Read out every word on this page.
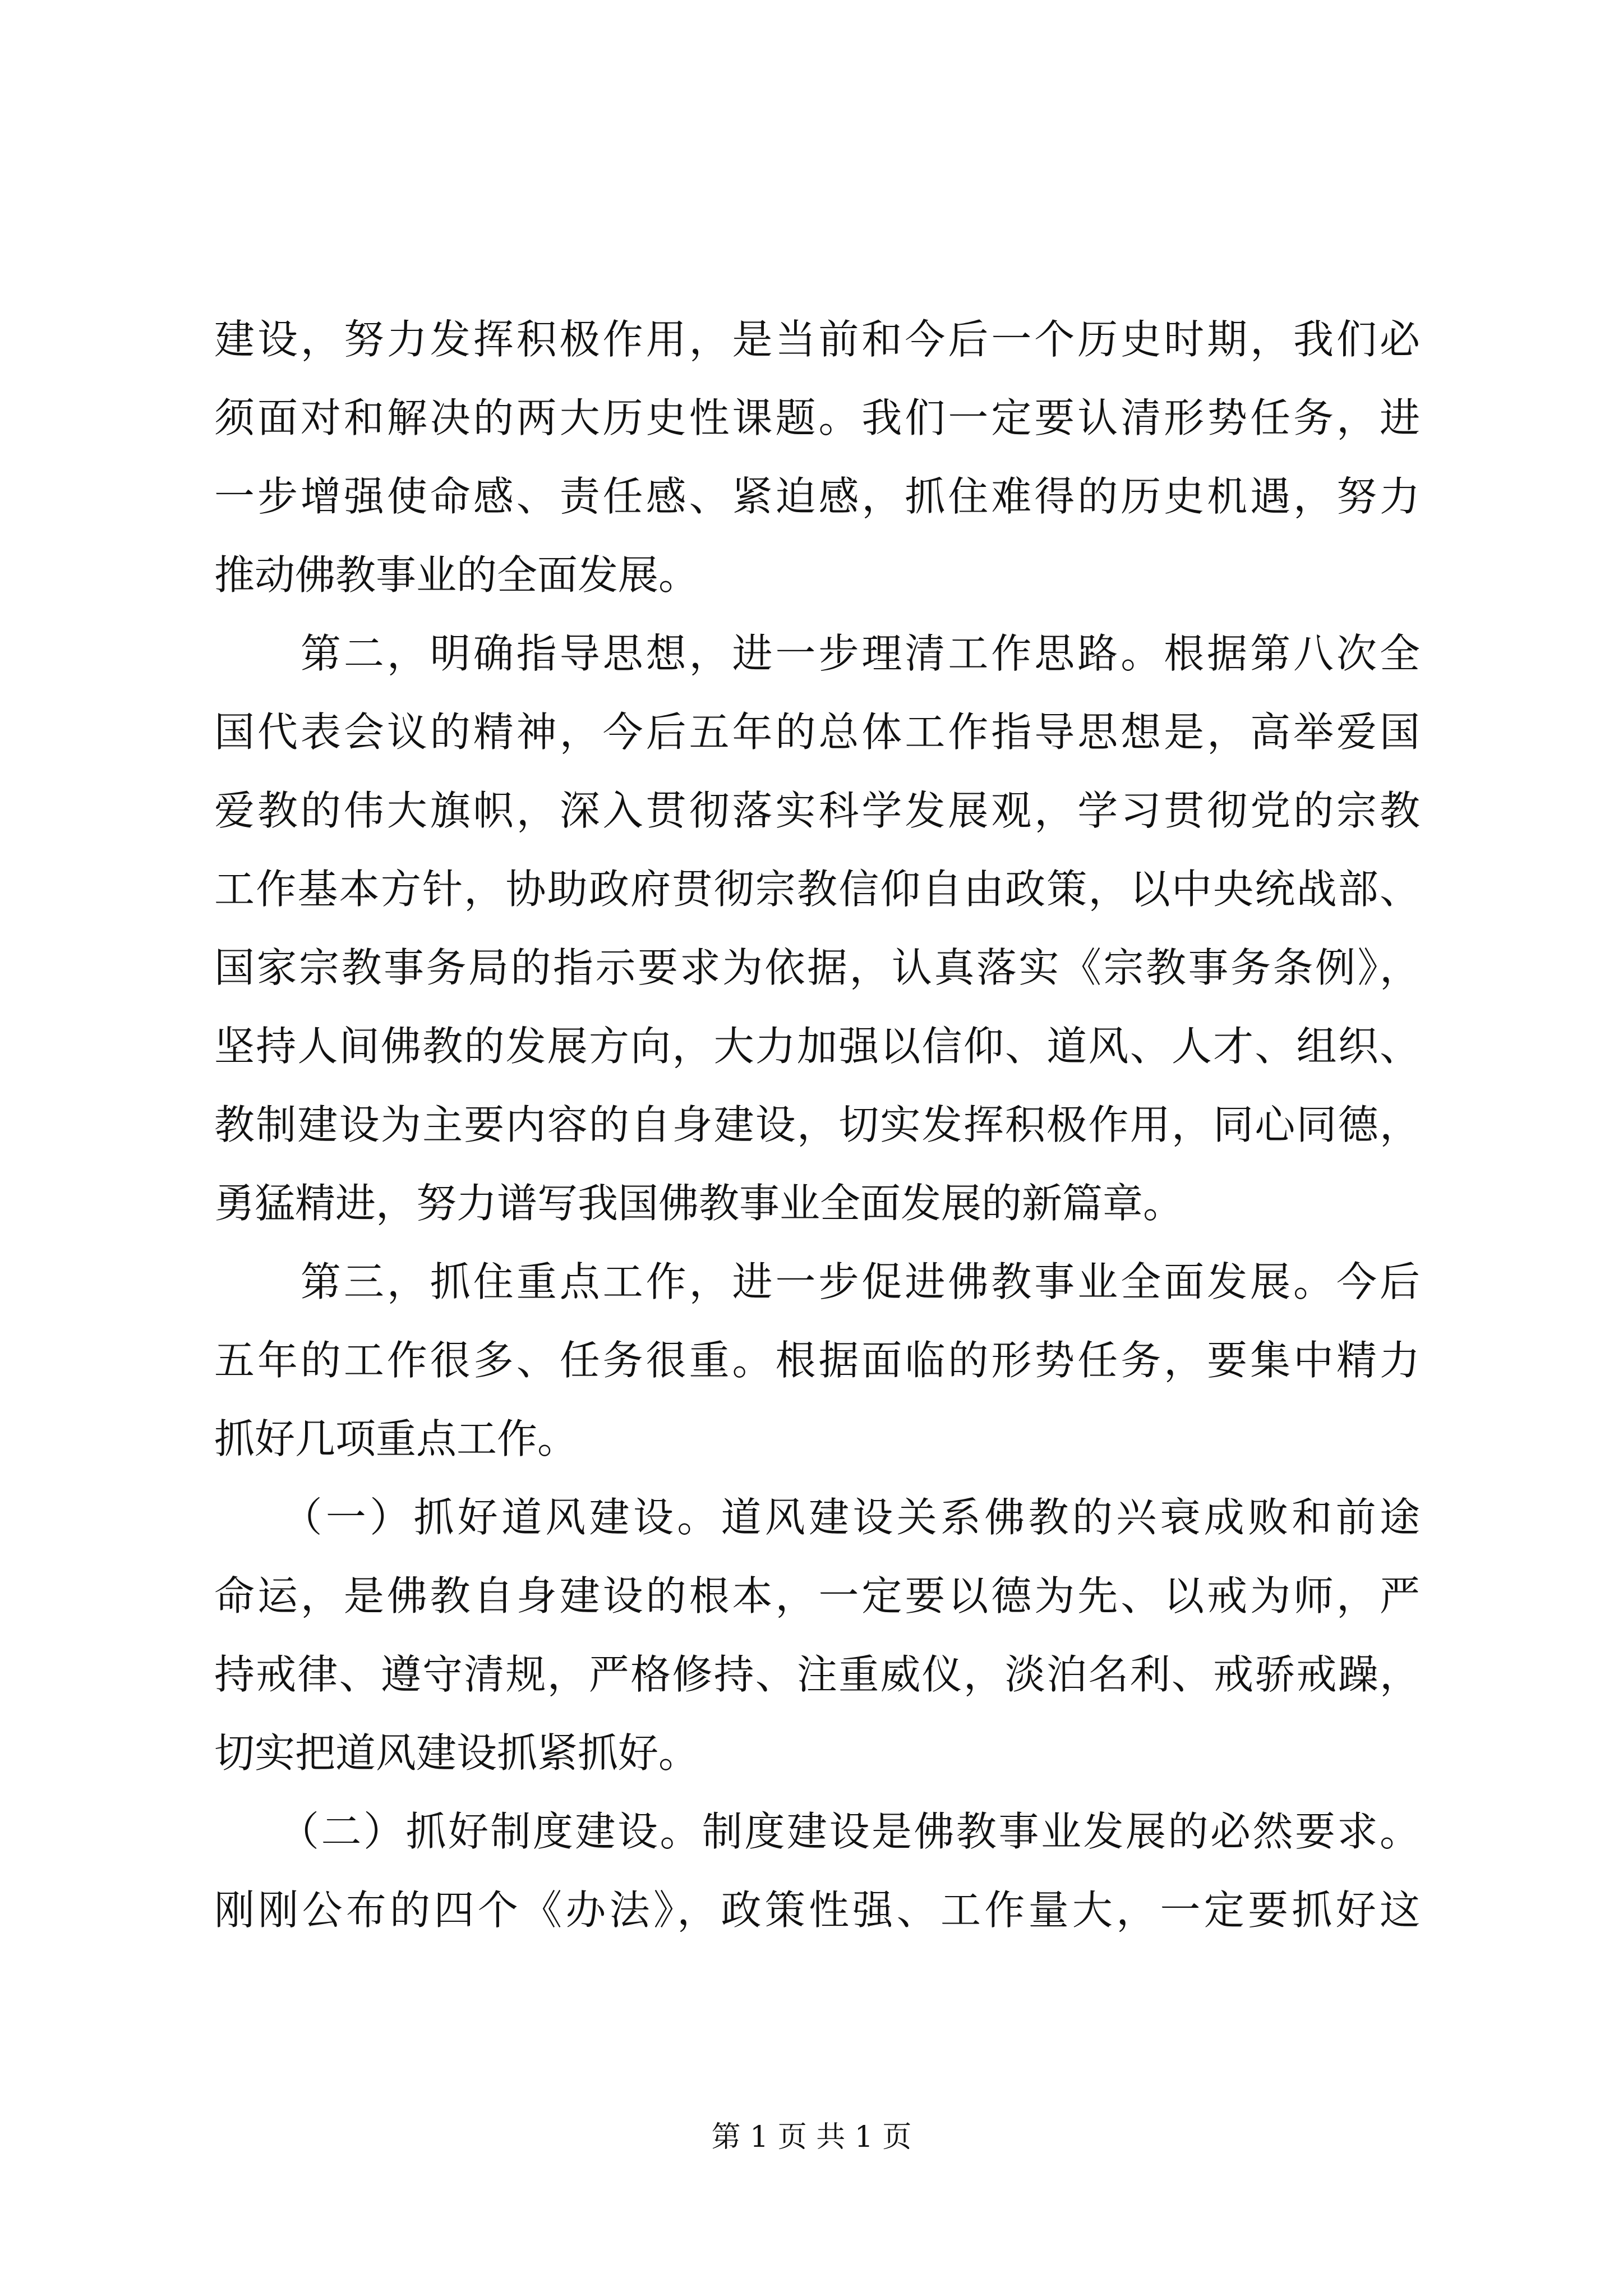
建设，努力发挥积极作用，是当前和今后一个历史时期，我们必
须面对和解决的两大历史性课题。我们一定要认清形势任务，进
一步增强使命感、责任感、紧迫感，抓住难得的历史机遇，努力
推动佛教事业的全面发展。
　　第二，明确指导思想，进一步理清工作思路。根据第八次全
国代表会议的精神，今后五年的总体工作指导思想是，高举爱国
爱教的伟大旗帜，深入贯彻落实科学发展观，学习贯彻党的宗教
工作基本方针，协助政府贯彻宗教信仰自由政策，以中央统战部、
国家宗教事务局的指示要求为依据，认真落实《宗教事务条例》，
坚持人间佛教的发展方向，大力加强以信仰、道风、人才、组织、
教制建设为主要内容的自身建设，切实发挥积极作用，同心同德，
勇猛精进，努力谱写我国佛教事业全面发展的新篇章。
　　第三，抓住重点工作，进一步促进佛教事业全面发展。今后
五年的工作很多、任务很重。根据面临的形势任务，要集中精力
抓好几项重点工作。
　　（一）抓好道风建设。道风建设关系佛教的兴衰成败和前途
命运，是佛教自身建设的根本，一定要以德为先、以戒为师，严
持戒律、遵守清规，严格修持、注重威仪，淡泊名利、戒骄戒躁，
切实把道风建设抓紧抓好。
　　（二）抓好制度建设。制度建设是佛教事业发展的必然要求。
刚刚公布的四个《办法》，政策性强、工作量大，一定要抓好这
第 1 页 共 1 页
